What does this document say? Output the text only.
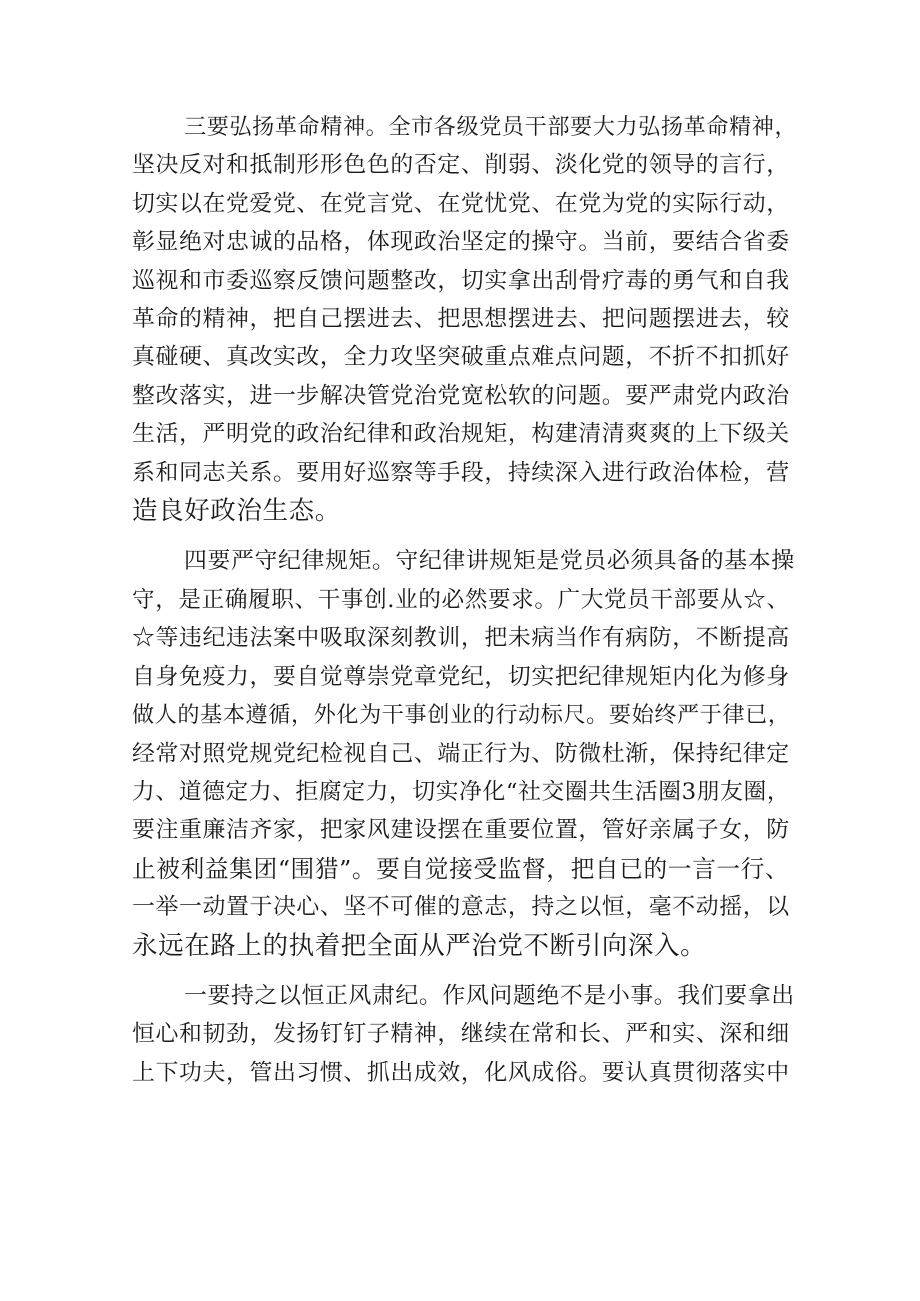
三要弘扬革命精神。全市各级党员干部要大力弘扬革命精神，
坚决反对和抵制形形色色的否定、削弱、淡化党的领导的言行，
切实以在党爱党、在党言党、在党忧党、在党为党的实际行动，
彰显绝对忠诚的品格，体现政治坚定的操守。当前，要结合省委
巡视和市委巡察反馈问题整改，切实拿出刮骨疗毒的勇气和自我
革命的精神，把自己摆进去、把思想摆进去、把问题摆进去，较
真碰硬、真改实改，全力攻坚突破重点难点问题，不折不扣抓好
整改落实，进一步解决管党治党宽松软的问题。要严肃党内政治
生活，严明党的政治纪律和政治规矩，构建清清爽爽的上下级关
系和同志关系。要用好巡察等手段，持续深入进行政治体检，营
造良好政治生态。
四要严守纪律规矩。守纪律讲规矩是党员必须具备的基本操
守，是正确履职、干事创.业的必然要求。广大党员干部要从☆、
☆等违纪违法案中吸取深刻教训，把未病当作有病防，不断提高
自身免疫力，要自觉尊崇党章党纪，切实把纪律规矩内化为修身
做人的基本遵循，外化为干事创业的行动标尺。要始终严于律已，
经常对照党规党纪检视自己、端正行为、防微杜渐，保持纪律定
力、道德定力、拒腐定力，切实净化“社交圈共生活圈3朋友圈，
要注重廉洁齐家，把家风建设摆在重要位置，管好亲属子女，防
止被利益集团“围猎”。要自觉接受监督，把自已的一言一行、
一举一动置于决心、坚不可催的意志，持之以恒，毫不动摇，以
永远在路上的执着把全面从严治党不断引向深入。
一要持之以恒正风肃纪。作风问题绝不是小事。我们要拿出
恒心和韧劲，发扬钉钉子精神，继续在常和长、严和实、深和细
上下功夫，管出习惯、抓出成效，化风成俗。要认真贯彻落实中
